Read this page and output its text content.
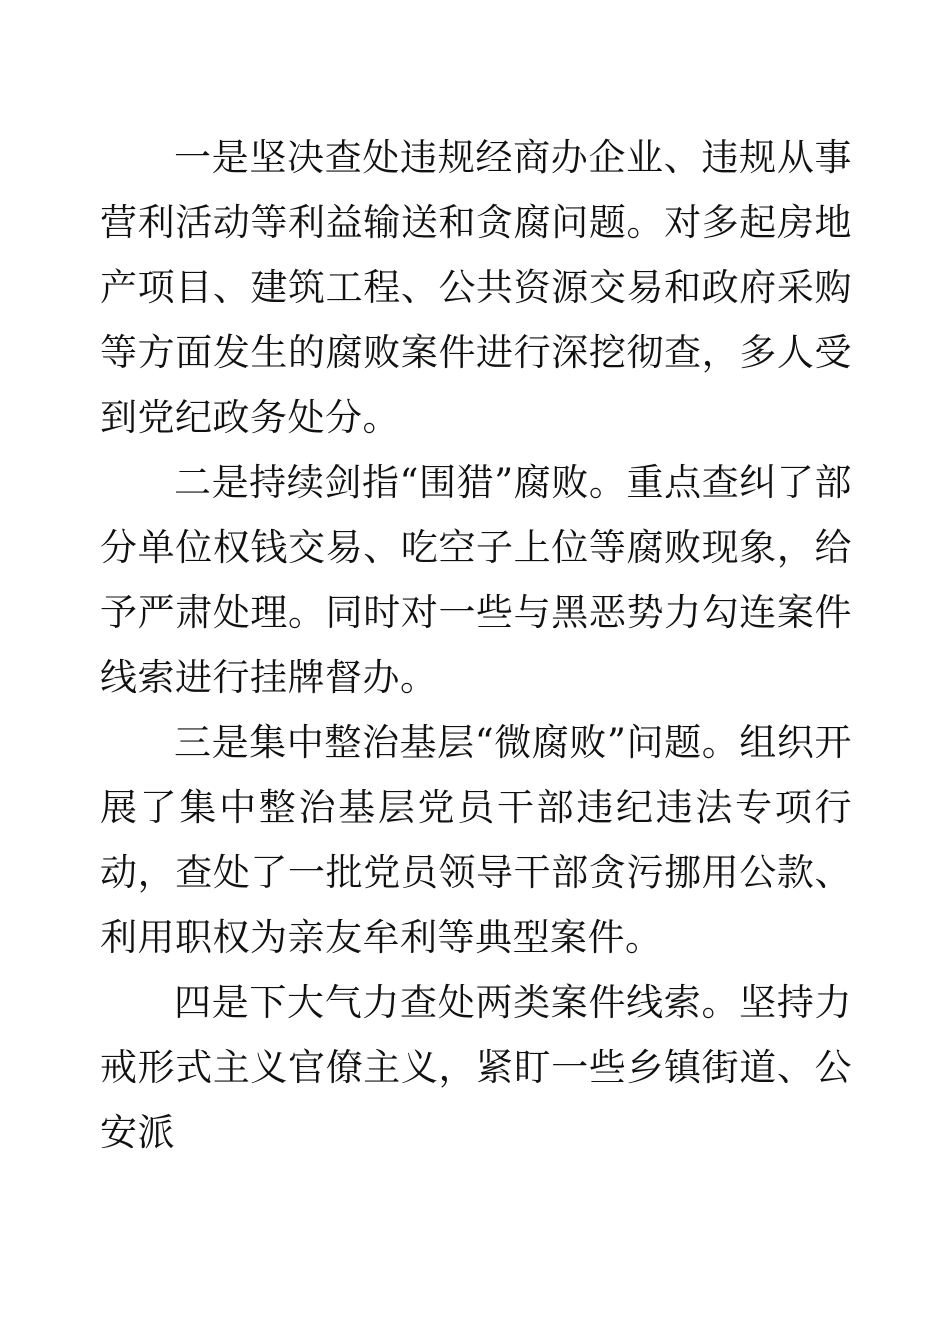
一是坚决查处违规经商办企业、违规从事营利活动等利益输送和贪腐问题。对多起房地产项目、建筑工程、公共资源交易和政府采购等方面发生的腐败案件进行深挖彻查，多人受到党纪政务处分。

二是持续剑指“围猎”腐败。重点查纠了部分单位权钱交易、吃空子上位等腐败现象，给予严肃处理。同时对一些与黑恶势力勾连案件线索进行挂牌督办。

三是集中整治基层“微腐败”问题。组织开展了集中整治基层党员干部违纪违法专项行动，查处了一批党员领导干部贪污挪用公款、利用职权为亲友牟利等典型案件。

四是下大气力查处两类案件线索。坚持力戒形式主义官僚主义，紧盯一些乡镇街道、公安派
